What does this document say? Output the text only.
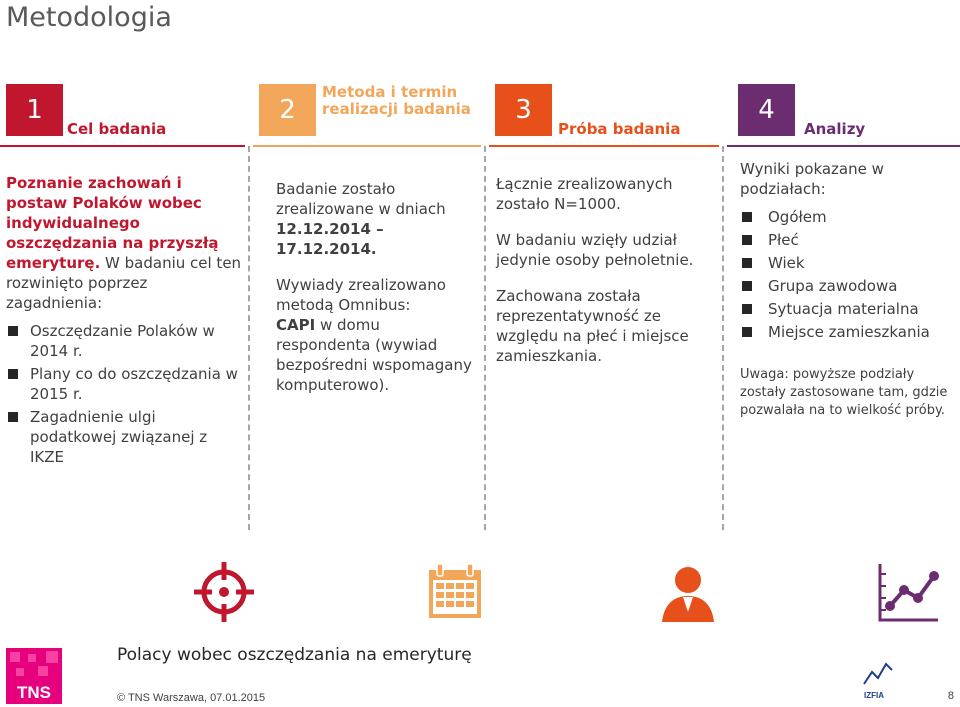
Metodologia
1
Cel badania
2
Metoda i termin realizacji badania	3
Próba badania
4
Analizy

Poznanie zachowań i postaw Polaków wobec indywidualnego oszczędzania na przyszłą emeryturę. W badaniu cel ten rozwinięto poprzez zagadnienia:

Oszczędzanie Polaków w 2014 r.
Plany co do oszczędzania w 2015 r.
Zagadnienie ulgi podatkowej związanej z IKZE

Badanie zostało zrealizowane w dniach
12.12.2014 – 17.12.2014.

Wywiady zrealizowano metodą Omnibus:
CAPI w domu respondenta (wywiad bezpośredni wspomagany komputerowo).

Łącznie zrealizowanych zostało N=1000.

W badaniu wzięły udział jedynie osoby pełnoletnie.

Zachowana została reprezentatywność ze względu na płeć i miejsce zamieszkania.

Wyniki pokazane w podziałach:

Ogółem
Płeć
Wiek
Grupa zawodowa
Sytuacja materialna
Miejsce zamieszkania

Uwaga: powyższe podziały zostały zastosowane tam, gdzie pozwalała na to wielkość próby.

TNS
Polacy wobec oszczędzania na emeryturę
© TNS Warszawa, 07.01.2015	IZFIA	8
